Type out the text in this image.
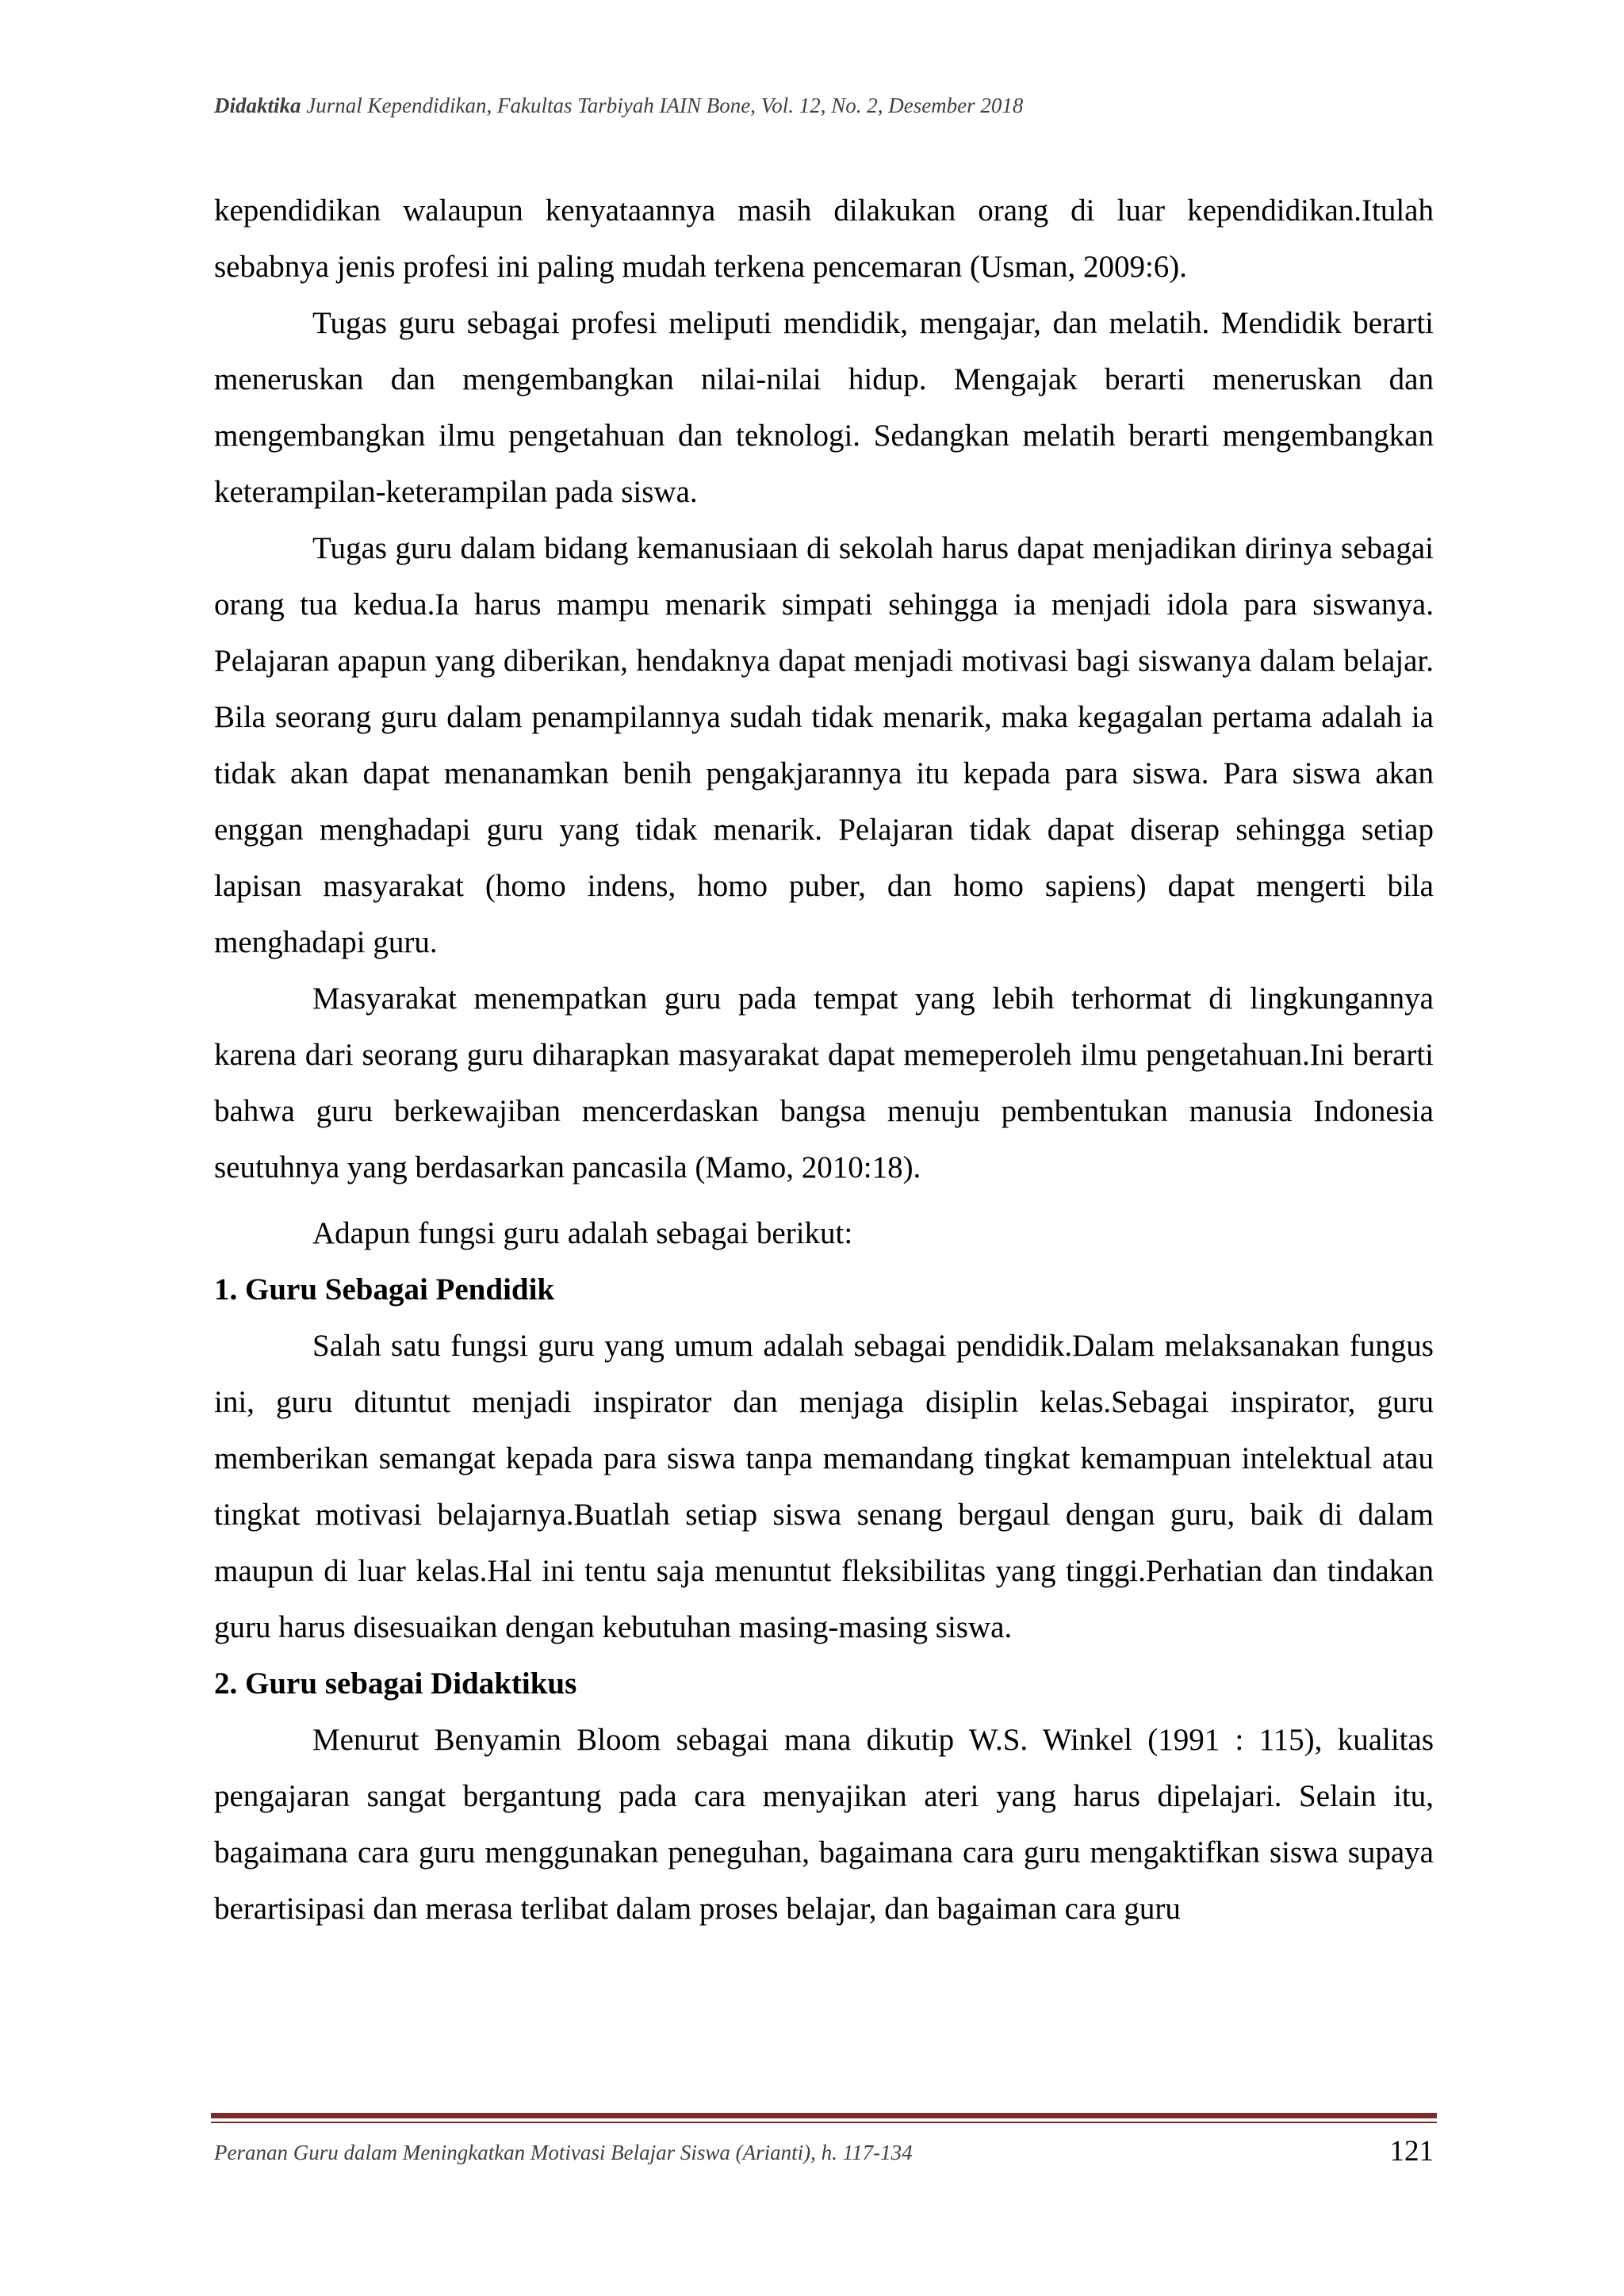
Didaktika Jurnal Kependidikan, Fakultas Tarbiyah IAIN Bone, Vol. 12, No. 2, Desember 2018

kependidikan walaupun kenyataannya masih dilakukan orang di luar kependidikan.Itulah sebabnya jenis profesi ini paling mudah terkena pencemaran (Usman, 2009:6).

Tugas guru sebagai profesi meliputi mendidik, mengajar, dan melatih. Mendidik berarti meneruskan dan mengembangkan nilai-nilai hidup. Mengajak berarti meneruskan dan mengembangkan ilmu pengetahuan dan teknologi. Sedangkan melatih berarti mengembangkan keterampilan-keterampilan pada siswa.

Tugas guru dalam bidang kemanusiaan di sekolah harus dapat menjadikan dirinya sebagai orang tua kedua.Ia harus mampu menarik simpati sehingga ia menjadi idola para siswanya. Pelajaran apapun yang diberikan, hendaknya dapat menjadi motivasi bagi siswanya dalam belajar. Bila seorang guru dalam penampilannya sudah tidak menarik, maka kegagalan pertama adalah ia tidak akan dapat menanamkan benih pengakjarannya itu kepada para siswa. Para siswa akan enggan menghadapi guru yang tidak menarik. Pelajaran tidak dapat diserap sehingga setiap lapisan masyarakat (homo indens, homo puber, dan homo sapiens) dapat mengerti bila menghadapi guru.

Masyarakat menempatkan guru pada tempat yang lebih terhormat di lingkungannya karena dari seorang guru diharapkan masyarakat dapat memeperoleh ilmu pengetahuan.Ini berarti bahwa guru berkewajiban mencerdaskan bangsa menuju pembentukan manusia Indonesia seutuhnya yang berdasarkan pancasila (Mamo, 2010:18).

Adapun fungsi guru adalah sebagai berikut:

1. Guru Sebagai Pendidik

Salah satu fungsi guru yang umum adalah sebagai pendidik.Dalam melaksanakan fungus ini, guru dituntut menjadi inspirator dan menjaga disiplin kelas.Sebagai inspirator, guru memberikan semangat kepada para siswa tanpa memandang tingkat kemampuan intelektual atau tingkat motivasi belajarnya.Buatlah setiap siswa senang bergaul dengan guru, baik di dalam maupun di luar kelas.Hal ini tentu saja menuntut fleksibilitas yang tinggi.Perhatian dan tindakan guru harus disesuaikan dengan kebutuhan masing-masing siswa.

2. Guru sebagai Didaktikus

Menurut Benyamin Bloom sebagai mana dikutip W.S. Winkel (1991 : 115), kualitas pengajaran sangat bergantung pada cara menyajikan ateri yang harus dipelajari. Selain itu, bagaimana cara guru menggunakan peneguhan, bagaimana cara guru mengaktifkan siswa supaya berartisipasi dan merasa terlibat dalam proses belajar, dan bagaiman cara guru

Peranan Guru dalam Meningkatkan Motivasi Belajar Siswa (Arianti), h. 117-134	121
